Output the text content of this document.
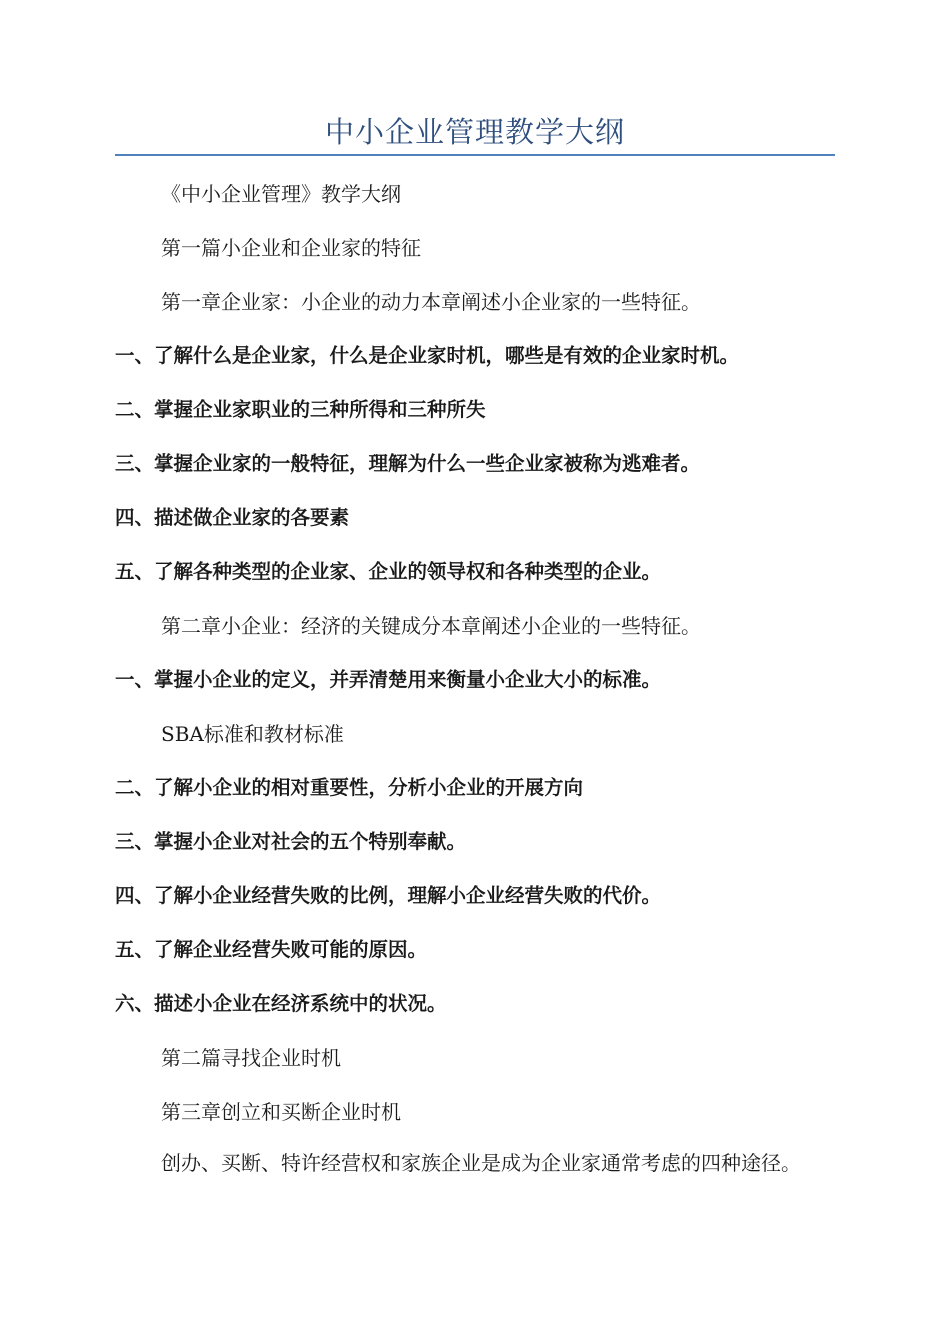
中小企业管理教学大纲
《中小企业管理》教学大纲
第一篇小企业和企业家的特征
第一章企业家：小企业的动力本章阐述小企业家的一些特征。
一、了解什么是企业家，什么是企业家时机，哪些是有效的企业家时机。
二、掌握企业家职业的三种所得和三种所失
三、掌握企业家的一般特征，理解为什么一些企业家被称为逃难者。
四、描述做企业家的各要素
五、了解各种类型的企业家、企业的领导权和各种类型的企业。
第二章小企业：经济的关键成分本章阐述小企业的一些特征。
一、掌握小企业的定义，并弄清楚用来衡量小企业大小的标准。
SBA标准和教材标准
二、了解小企业的相对重要性，分析小企业的开展方向
三、掌握小企业对社会的五个特别奉献。
四、了解小企业经营失败的比例，理解小企业经营失败的代价。
五、了解企业经营失败可能的原因。
六、描述小企业在经济系统中的状况。
第二篇寻找企业时机
第三章创立和买断企业时机
创办、买断、特许经营权和家族企业是成为企业家通常考虑的四种途径。
